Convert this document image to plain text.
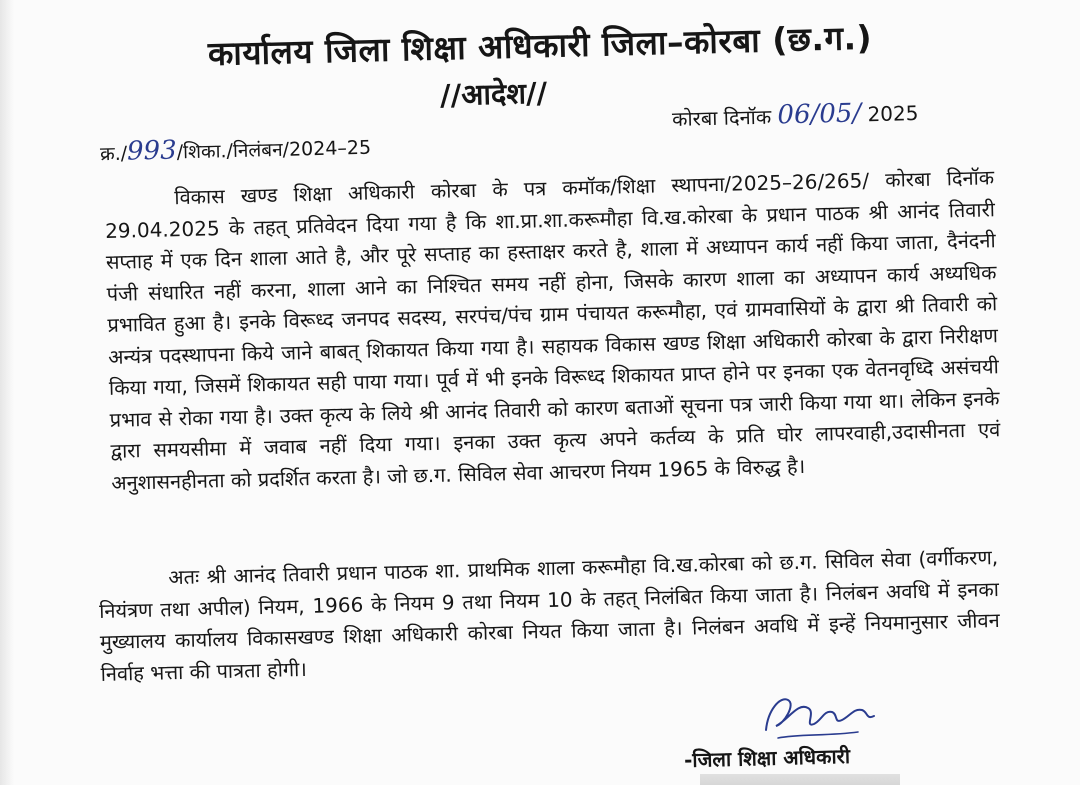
कार्यालय जिला शिक्षा अधिकारी जिला–कोरबा (छ.ग.)
//आदेश//
कोरबा दिनॉक 06/05/ 2025
क्र./993/शिका./निलंबन/2024–25
विकास खण्ड शिक्षा अधिकारी कोरबा के पत्र कमॉक/शिक्षा स्थापना/2025–26/265/ कोरबा दिनॉक 29.04.2025 के तहत् प्रतिवेदन दिया गया है कि शा.प्रा.शा.करूमौहा वि.ख.कोरबा के प्रधान पाठक श्री आनंद तिवारी सप्ताह में एक दिन शाला आते है, और पूरे सप्ताह का हस्ताक्षर करते है, शाला में अध्यापन कार्य नहीं किया जाता, दैनंदनी पंजी संधारित नहीं करना, शाला आने का निश्चित समय नहीं होना, जिसके कारण शाला का अध्यापन कार्य अध्यधिक प्रभावित हुआ है। इनके विरूध्द जनपद सदस्य, सरपंच/पंच ग्राम पंचायत करूमौहा, एवं ग्रामवासियों के द्वारा श्री तिवारी को अन्यंत्र पदस्थापना किये जाने बाबत् शिकायत किया गया है। सहायक विकास खण्ड शिक्षा अधिकारी कोरबा के द्वारा निरीक्षण किया गया, जिसमें शिकायत सही पाया गया। पूर्व में भी इनके विरूध्द शिकायत प्राप्त होने पर इनका एक वेतनवृध्दि असंचयी प्रभाव से रोका गया है। उक्त कृत्य के लिये श्री आनंद तिवारी को कारण बताओं सूचना पत्र जारी किया गया था। लेकिन इनके द्वारा समयसीमा में जवाब नहीं दिया गया। इनका उक्त कृत्य अपने कर्तव्य के प्रति घोर लापरवाही,उदासीनता एवं अनुशासनहीनता को प्रदर्शित करता है। जो छ.ग. सिविल सेवा आचरण नियम 1965 के विरुद्ध है।
अतः श्री आनंद तिवारी प्रधान पाठक शा. प्राथमिक शाला करूमौहा वि.ख.कोरबा को छ.ग. सिविल सेवा (वर्गीकरण, नियंत्रण तथा अपील) नियम, 1966 के नियम 9 तथा नियम 10 के तहत् निलंबित किया जाता है। निलंबन अवधि में इनका मुख्यालय कार्यालय विकासखण्ड शिक्षा अधिकारी कोरबा नियत किया जाता है। निलंबन अवधि में इन्हें नियमानुसार जीवन निर्वाह भत्ता की पात्रता होगी।
-जिला शिक्षा अधिकारी
